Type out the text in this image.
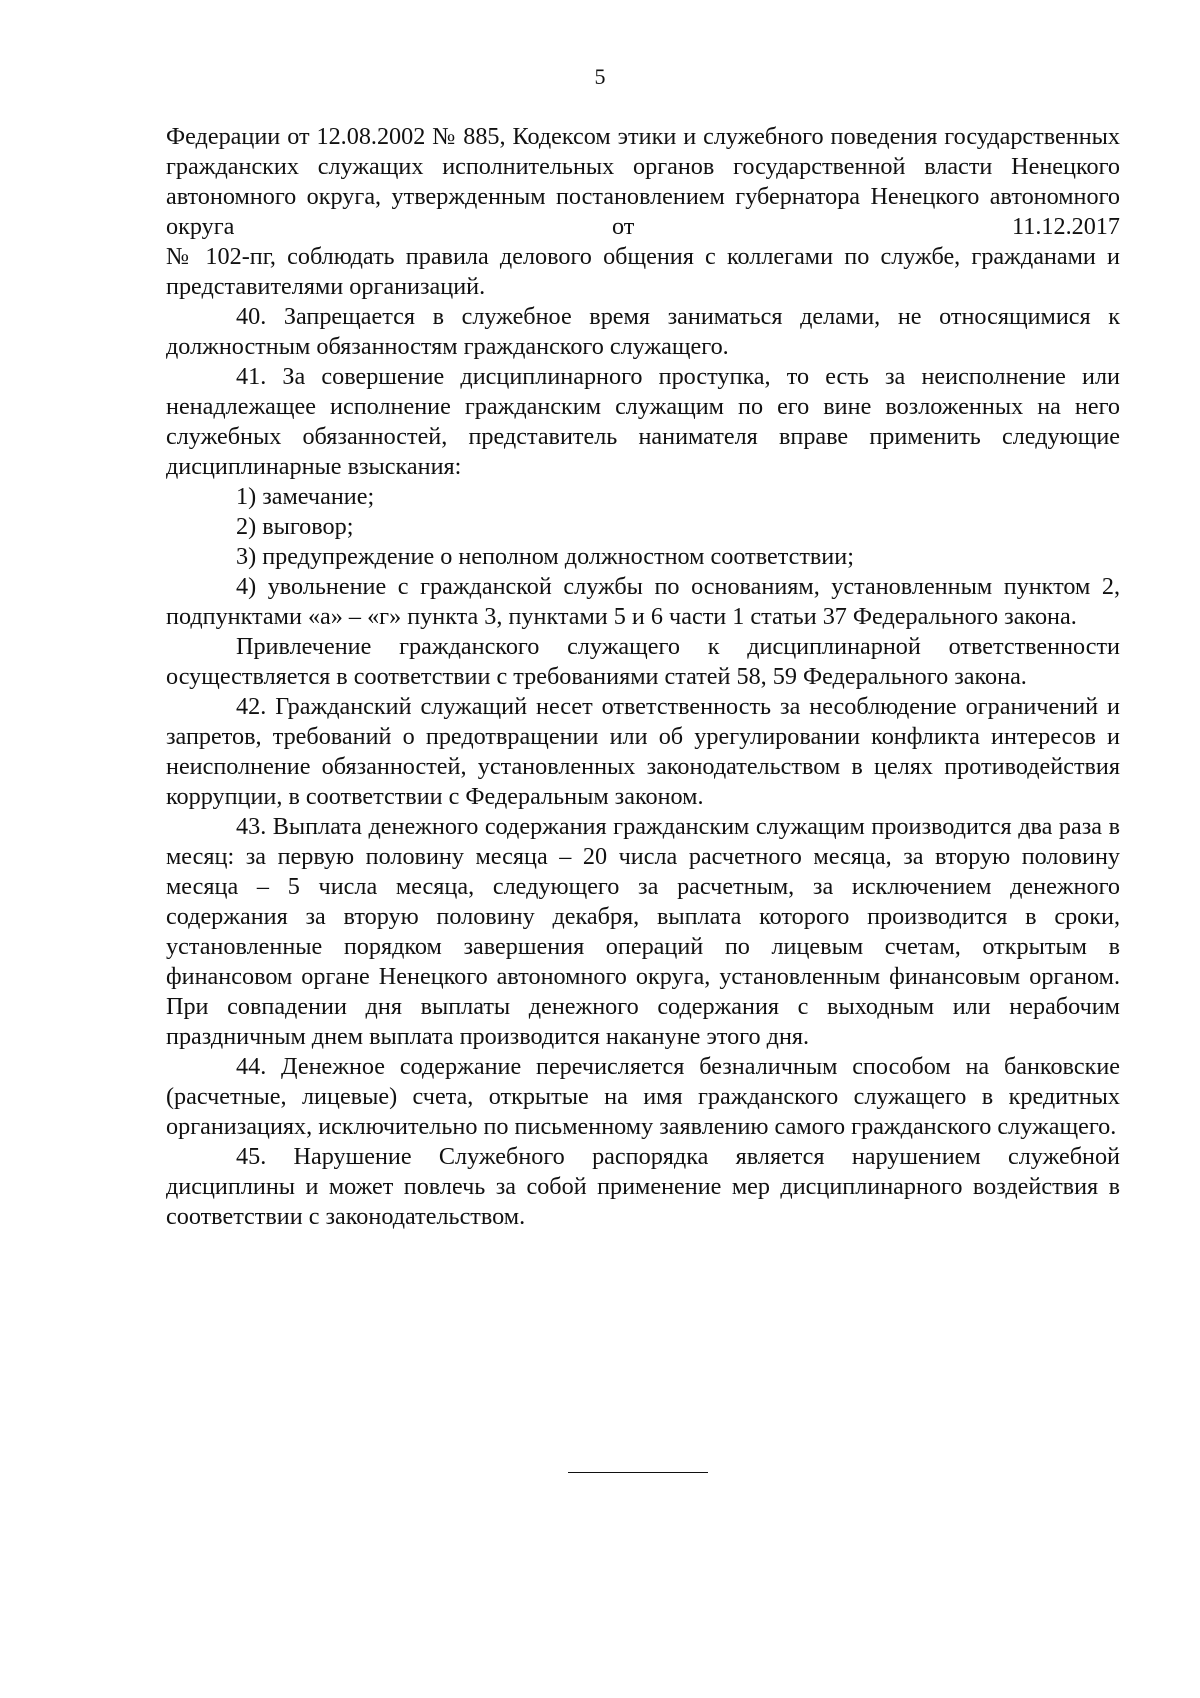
5

Федерации от 12.08.2002 № 885, Кодексом этики и служебного поведения государственных гражданских служащих исполнительных органов государственной власти Ненецкого автономного округа, утвержденным постановлением губернатора Ненецкого автономного округа от 11.12.2017

№ 102-пг, соблюдать правила делового общения с коллегами по службе, гражданами и представителями организаций.

40. Запрещается в служебное время заниматься делами, не относящимися к должностным обязанностям гражданского служащего.

41. За совершение дисциплинарного проступка, то есть за неисполнение или ненадлежащее исполнение гражданским служащим по его вине возложенных на него служебных обязанностей, представитель нанимателя вправе применить следующие дисциплинарные взыскания:

1) замечание;

2) выговор;

3) предупреждение о неполном должностном соответствии;

4) увольнение с гражданской службы по основаниям, установленным пунктом 2, подпунктами «а» – «г» пункта 3, пунктами 5 и 6 части 1 статьи 37 Федерального закона.

Привлечение гражданского служащего к дисциплинарной ответственности осуществляется в соответствии с требованиями статей 58, 59 Федерального закона.

42. Гражданский служащий несет ответственность за несоблюдение ограничений и запретов, требований о предотвращении или об урегулировании конфликта интересов и неисполнение обязанностей, установленных законодательством в целях противодействия коррупции, в соответствии с Федеральным законом.

43. Выплата денежного содержания гражданским служащим производится два раза в месяц: за первую половину месяца – 20 числа расчетного месяца, за вторую половину месяца – 5 числа месяца, следующего за расчетным, за исключением денежного содержания за вторую половину декабря, выплата которого производится в сроки, установленные порядком завершения операций по лицевым счетам, открытым в финансовом органе Ненецкого автономного округа, установленным финансовым органом. При совпадении дня выплаты денежного содержания с выходным или нерабочим праздничным днем выплата производится накануне этого дня.

44. Денежное содержание перечисляется безналичным способом на банковские (расчетные, лицевые) счета, открытые на имя гражданского служащего в кредитных организациях, исключительно по письменному заявлению самого гражданского служащего.

45. Нарушение Служебного распорядка является нарушением служебной дисциплины и может повлечь за собой применение мер дисциплинарного воздействия в соответствии с законодательством.
